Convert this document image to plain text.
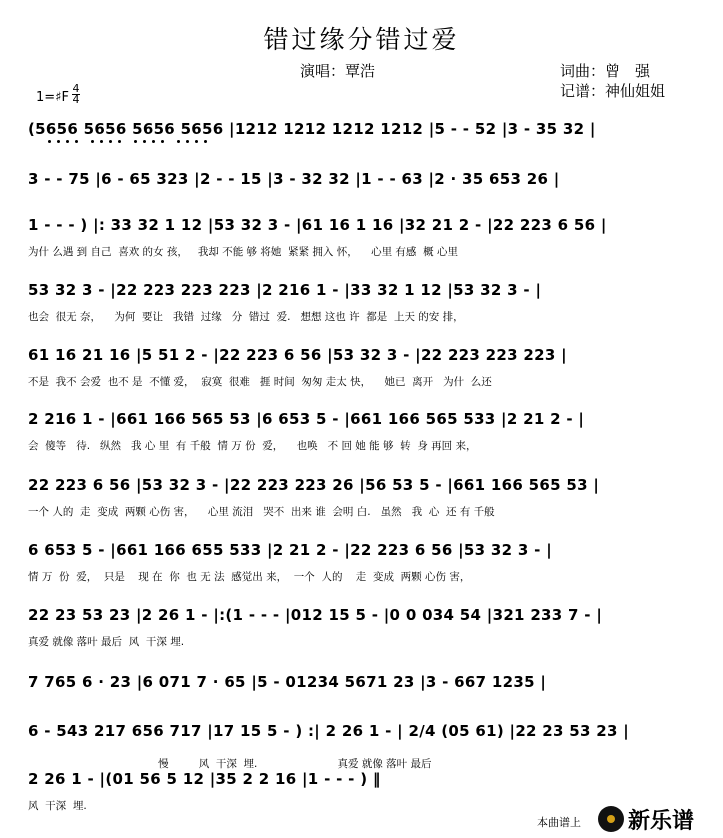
错过缘分错过爱
演唱：覃浩	词曲：曾　强
记谱：神仙姐姐
1=♯F
4
4
(5656 5656 5656 5656 |1212 1212 1212 1212 |5 - - 52 |3 - 35 32 |
3 - - 75 |6 - 65 323 |2 - - 15 |3 - 32 32 |1 - - 63 |2 · 35 653 26 |
1 - - - ) |: 33 32 1 12 |53 32 3 - |61 16 1 16 |32 21 2 - |22 223 6 56 |
为什 么遇 到 自己  喜欢 的女 孩，   我却 不能 够 将她  紧紧 拥入 怀，    心里 有感  概 心里
53 32 3 - |22 223 223 223 |2 216 1 - |33 32 1 12 |53 32 3 - |
也会  很无 奈，    为何  要让   我错  过缘   分  错过  爱.   想想 这也 许  都是  上天 的安 排，
61 16 21 16 |5 51 2 - |22 223 6 56 |53 32 3 - |22 223 223 223 |
不是  我不 会爱  也不 是  不懂 爱，  寂寞  很难   捱 时间  匆匆 走太 快，    她已  离开   为什  么还
2 216 1 - |661 166 565 53 |6 653 5 - |661 166 565 533 |2 21 2 - |
会  傻等   待.   纵然   我 心 里  有 千般  情 万 份  爱，    也唤   不 回 她 能 够  转  身 再回 来，
22 223 6 56 |53 32 3 - |22 223 223 26 |56 53 5 - |661 166 565 53 |
一个 人的  走  变成  两颗 心伤 害，    心里 流泪   哭不  出来 谁  会明 白.   虽然   我  心  还 有 千般
6 653 5 - |661 166 655 533 |2 21 2 - |22 223 6 56 |53 32 3 - |
情 万  份  爱，  只是    现 在  你  也 无 法  感觉出 来，  一个  人的    走  变成  两颗 心伤 害，
22 23 53 23 |2 26 1 - |:(1 - - - |012 15 5 - |0 0 034 54 |321 233 7 - |
真爱 就像 落叶 最后  风  干深 埋.
7 765 6 · 23 |6 071 7 · 65 |5 - 01234 5671 23 |3 - 667 1235 |
6 - 543 217 656 717 |17 15 5 - ) :| 2 26 1 - | 2/4 (05 61) |22 23 53 23 |
慢         风  干深  埋.                        真爱 就像 落叶 最后
2 26 1 - |(01 56 5 12 |35 2 2 16 |1 - - - ) ‖
风  干深  埋.
本曲谱上 新乐谱
